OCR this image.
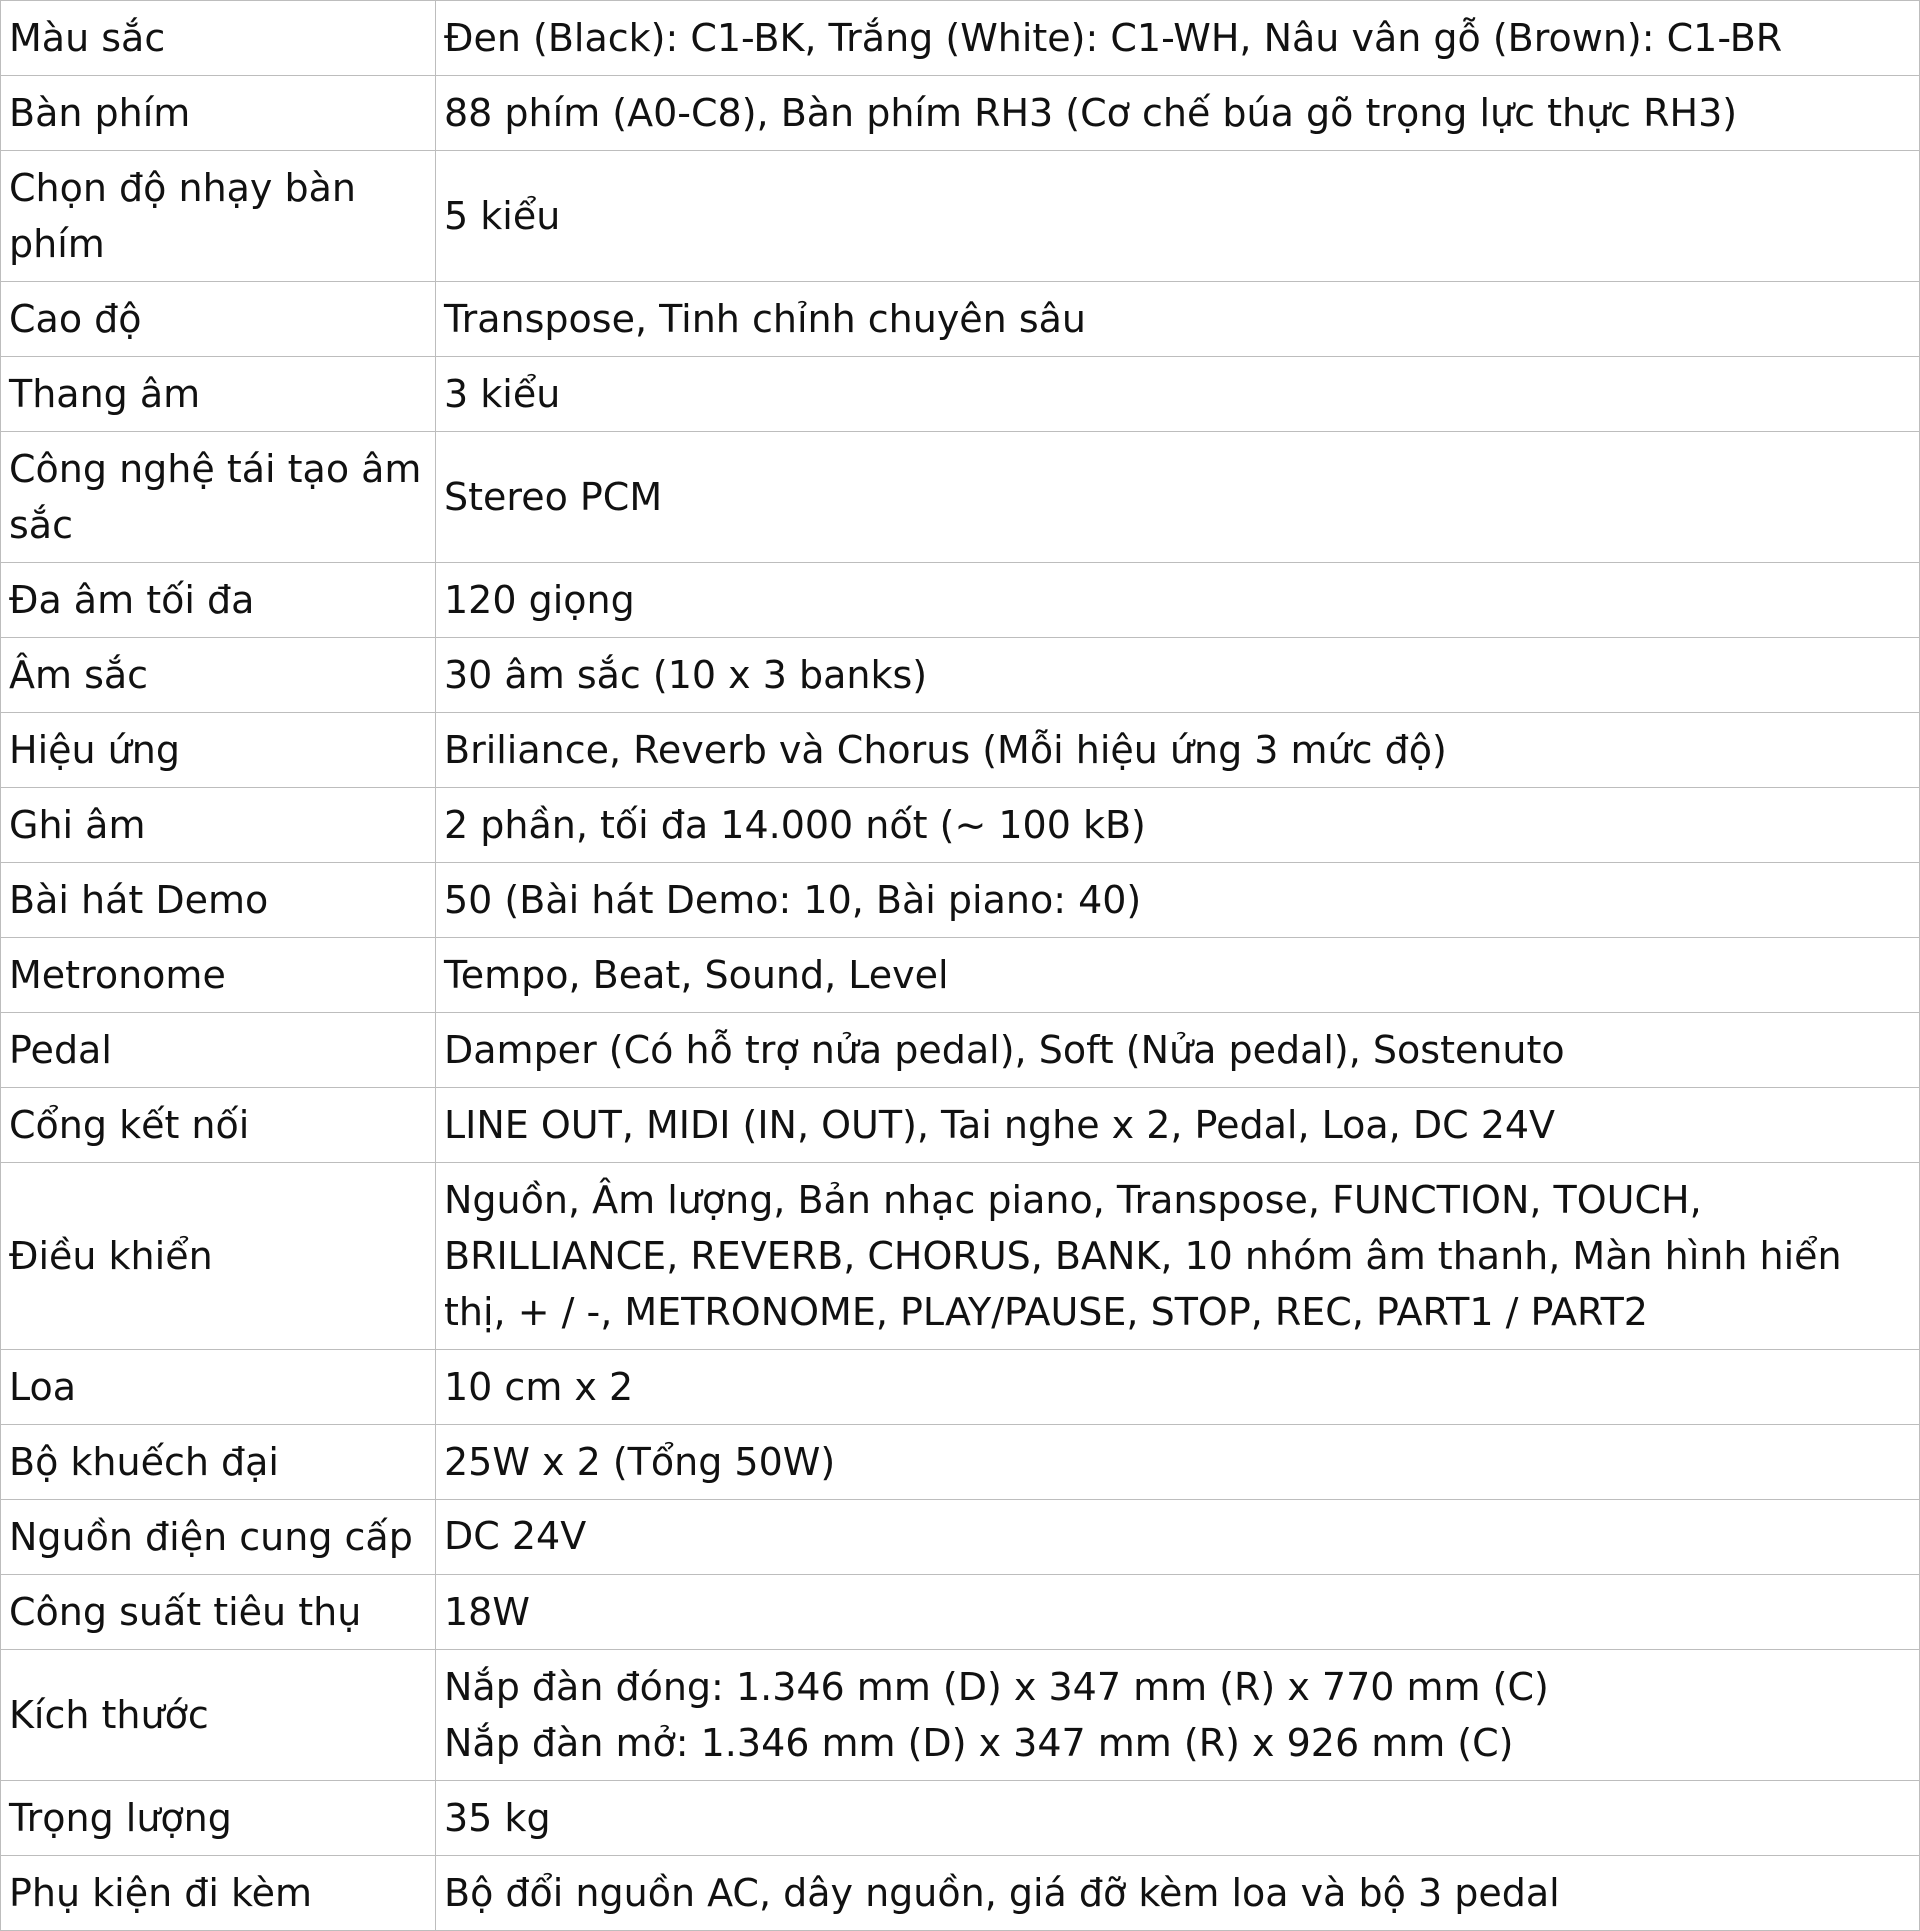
Màu sắc	Đen (Black): C1-BK, Trắng (White): C1-WH, Nâu vân gỗ (Brown): C1-BR
Bàn phím	88 phím (A0-C8), Bàn phím RH3 (Cơ chế búa gõ trọng lực thực RH3)
Chọn độ nhạy bàn phím	5 kiểu
Cao độ	Transpose, Tinh chỉnh chuyên sâu
Thang âm	3 kiểu
Công nghệ tái tạo âm sắc	Stereo PCM
Đa âm tối đa	120 giọng
Âm sắc	30 âm sắc (10 x 3 banks)
Hiệu ứng	Briliance, Reverb và Chorus (Mỗi hiệu ứng 3 mức độ)
Ghi âm	2 phần, tối đa 14.000 nốt (~ 100 kB)
Bài hát Demo	50 (Bài hát Demo: 10, Bài piano: 40)
Metronome	Tempo, Beat, Sound, Level
Pedal	Damper (Có hỗ trợ nửa pedal), Soft (Nửa pedal), Sostenuto
Cổng kết nối	LINE OUT, MIDI (IN, OUT), Tai nghe x 2, Pedal, Loa, DC 24V
Điều khiển	Nguồn, Âm lượng, Bản nhạc piano, Transpose, FUNCTION, TOUCH, BRILLIANCE, REVERB, CHORUS, BANK, 10 nhóm âm thanh, Màn hình hiển thị, + / -, METRONOME, PLAY/PAUSE, STOP, REC, PART1 / PART2
Loa	10 cm x 2
Bộ khuếch đại	25W x 2 (Tổng 50W)
Nguồn điện cung cấp	DC 24V
Công suất tiêu thụ	18W
Kích thước	Nắp đàn đóng: 1.346 mm (D) x 347 mm (R) x 770 mm (C)
Nắp đàn mở: 1.346 mm (D) x 347 mm (R) x 926 mm (C)
Trọng lượng	35 kg
Phụ kiện đi kèm	Bộ đổi nguồn AC, dây nguồn, giá đỡ kèm loa và bộ 3 pedal
